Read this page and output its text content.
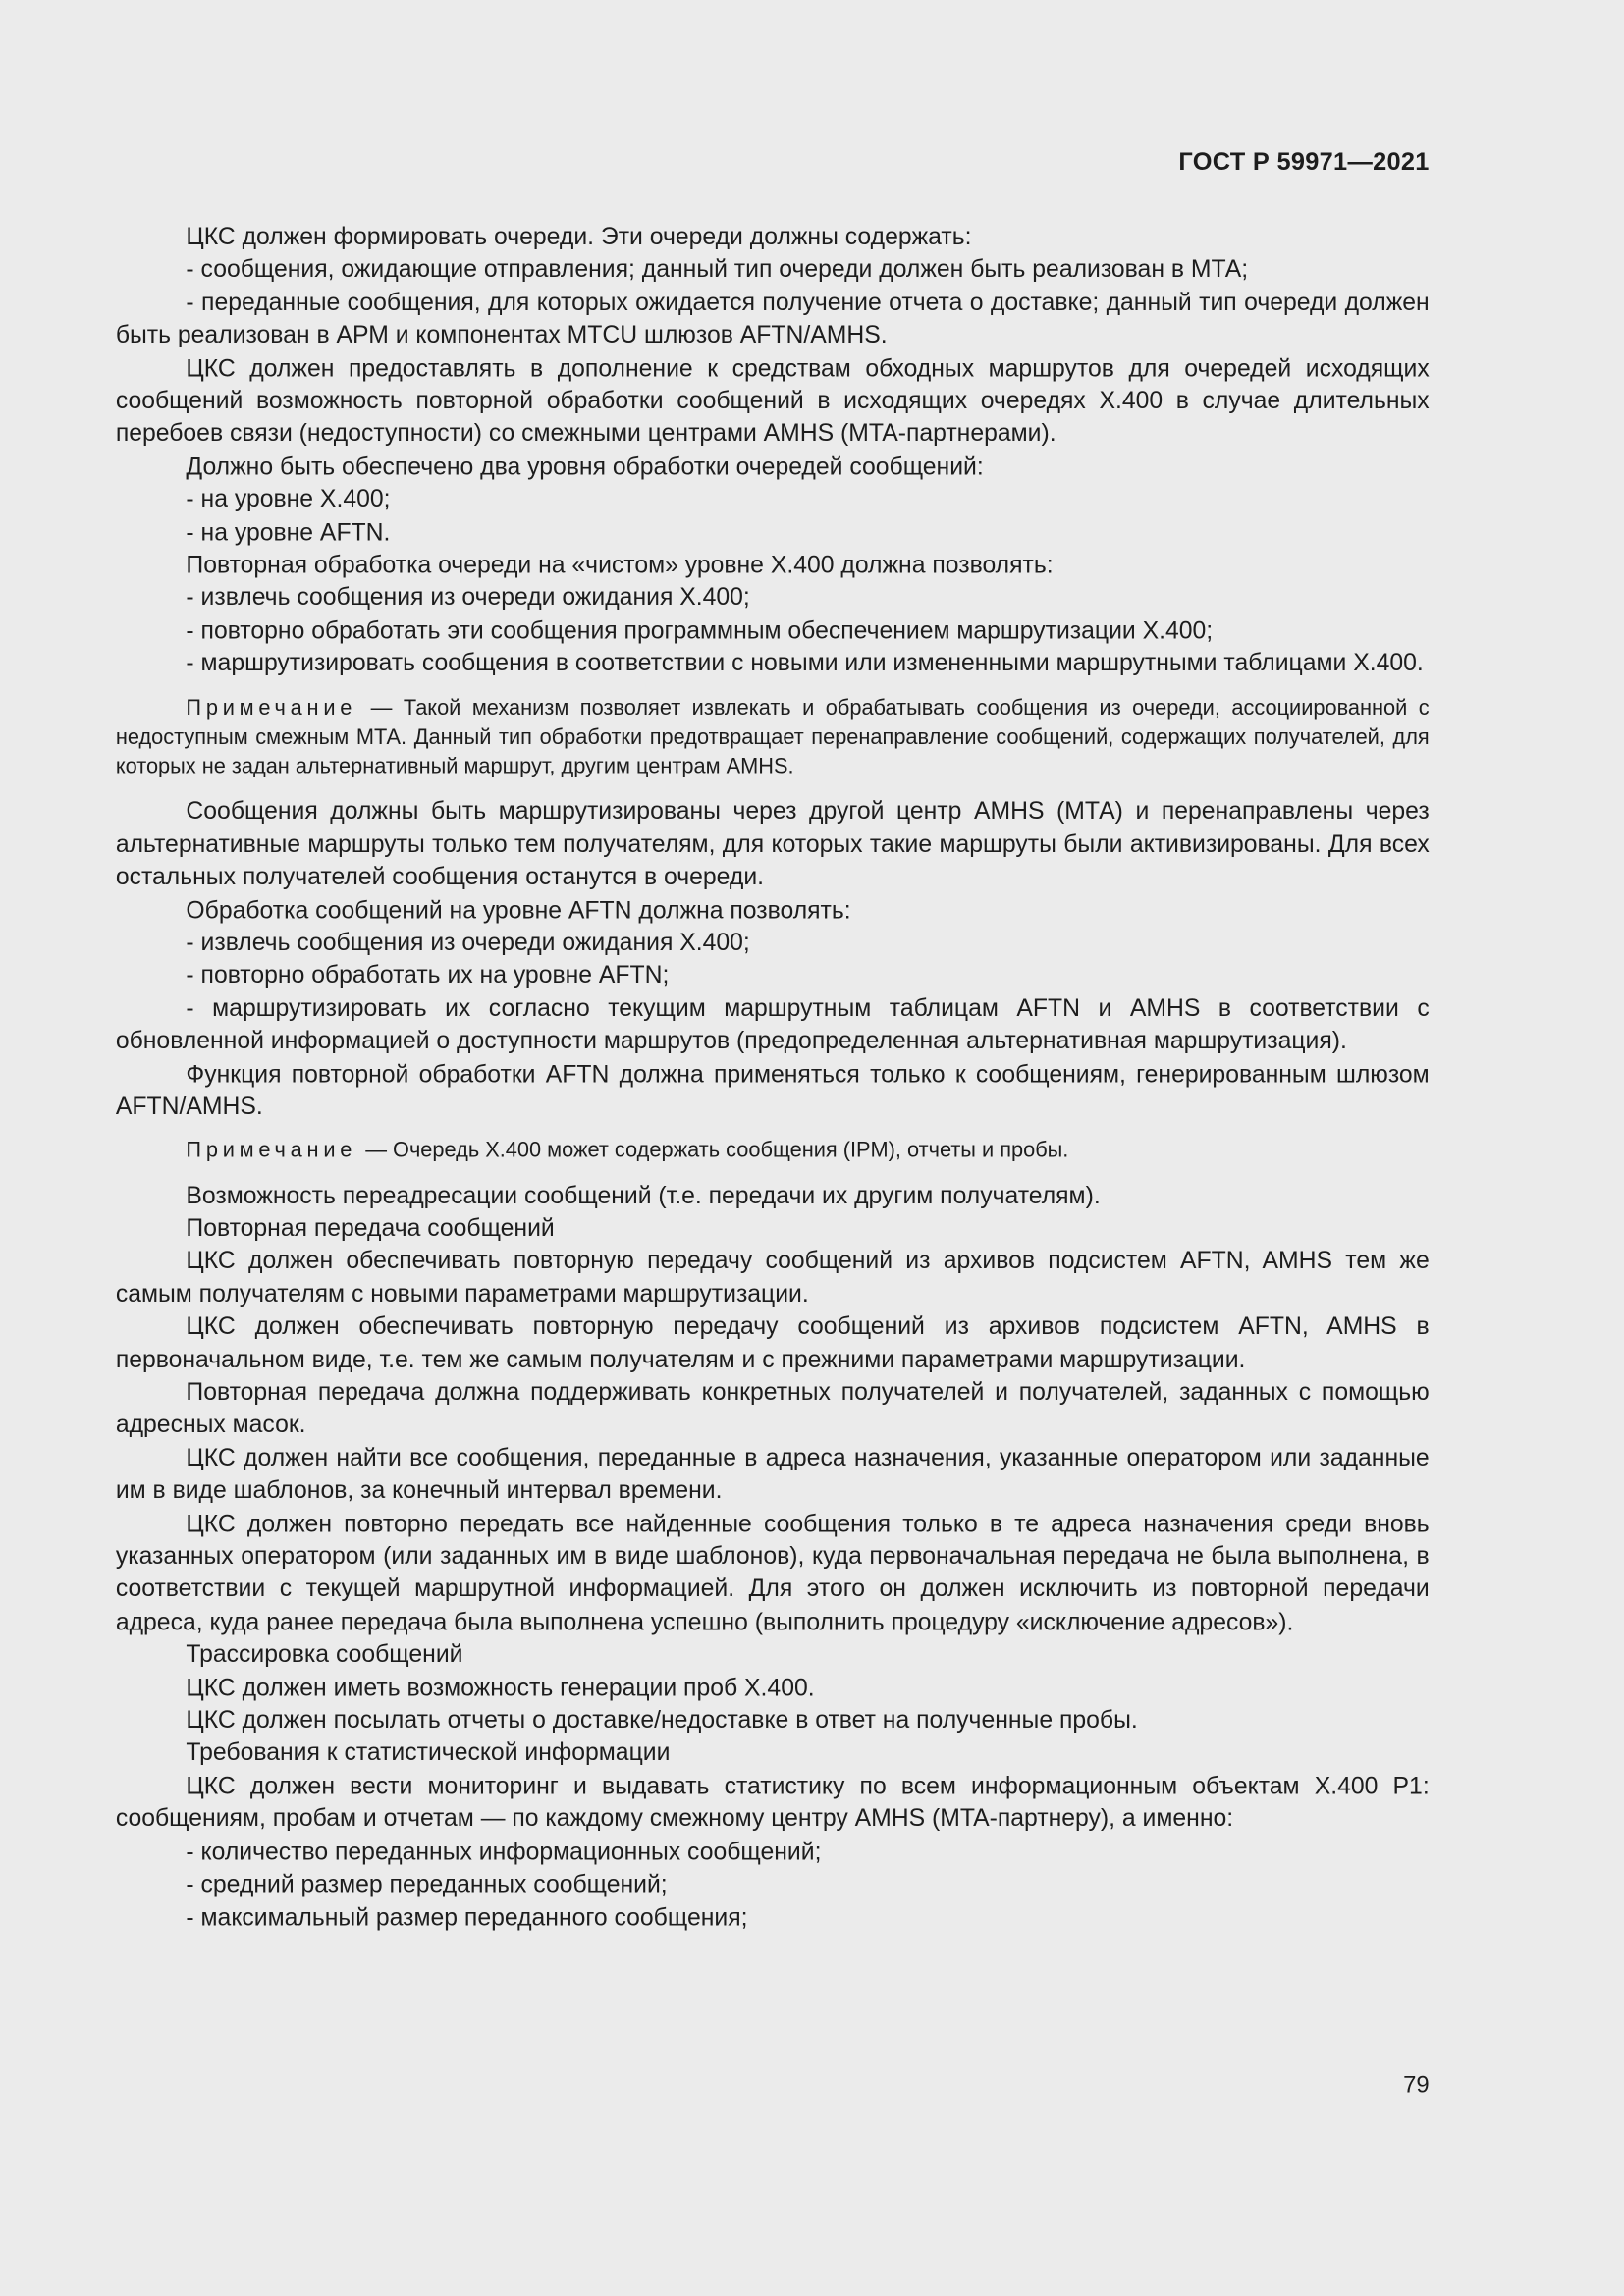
ГОСТ Р 59971—2021

ЦКС должен формировать очереди. Эти очереди должны содержать:

- сообщения, ожидающие отправления; данный тип очереди должен быть реализован в МТА;

- переданные сообщения, для которых ожидается получение отчета о доставке; данный тип очереди должен быть реализован в АРМ и компонентах MTCU шлюзов AFTN/AMHS.

ЦКС должен предоставлять в дополнение к средствам обходных маршрутов для очередей исходящих сообщений возможность повторной обработки сообщений в исходящих очередях X.400 в случае длительных перебоев связи (недоступности) со смежными центрами AMHS (MTA-партнерами).

Должно быть обеспечено два уровня обработки очередей сообщений:

- на уровне X.400;

- на уровне AFTN.

Повторная обработка очереди на «чистом» уровне X.400 должна позволять:

- извлечь сообщения из очереди ожидания X.400;

- повторно обработать эти сообщения программным обеспечением маршрутизации X.400;

- маршрутизировать сообщения в соответствии с новыми или измененными маршрутными таблицами X.400.

Примечание — Такой механизм позволяет извлекать и обрабатывать сообщения из очереди, ассоциированной с недоступным смежным МТА. Данный тип обработки предотвращает перенаправление сообщений, содержащих получателей, для которых не задан альтернативный маршрут, другим центрам AMHS.

Сообщения должны быть маршрутизированы через другой центр AMHS (МТА) и перенаправлены через альтернативные маршруты только тем получателям, для которых такие маршруты были активизированы. Для всех остальных получателей сообщения останутся в очереди.

Обработка сообщений на уровне AFTN должна позволять:

- извлечь сообщения из очереди ожидания X.400;

- повторно обработать их на уровне AFTN;

- маршрутизировать их согласно текущим маршрутным таблицам AFTN и AMHS в соответствии с обновленной информацией о доступности маршрутов (предопределенная альтернативная маршрутизация).

Функция повторной обработки AFTN должна применяться только к сообщениям, генерированным шлюзом AFTN/AMHS.

Примечание — Очередь X.400 может содержать сообщения (IPM), отчеты и пробы.

Возможность переадресации сообщений (т.е. передачи их другим получателям).

Повторная передача сообщений

ЦКС должен обеспечивать повторную передачу сообщений из архивов подсистем AFTN, AMHS тем же самым получателям с новыми параметрами маршрутизации.

ЦКС должен обеспечивать повторную передачу сообщений из архивов подсистем AFTN, AMHS в первоначальном виде, т.е. тем же самым получателям и с прежними параметрами маршрутизации.

Повторная передача должна поддерживать конкретных получателей и получателей, заданных с помощью адресных масок.

ЦКС должен найти все сообщения, переданные в адреса назначения, указанные оператором или заданные им в виде шаблонов, за конечный интервал времени.

ЦКС должен повторно передать все найденные сообщения только в те адреса назначения среди вновь указанных оператором (или заданных им в виде шаблонов), куда первоначальная передача не была выполнена, в соответствии с текущей маршрутной информацией. Для этого он должен исключить из повторной передачи адреса, куда ранее передача была выполнена успешно (выполнить процедуру «исключение адресов»).

Трассировка сообщений

ЦКС должен иметь возможность генерации проб X.400.

ЦКС должен посылать отчеты о доставке/недоставке в ответ на полученные пробы.

Требования к статистической информации

ЦКС должен вести мониторинг и выдавать статистику по всем информационным объектам X.400 P1: сообщениям, пробам и отчетам — по каждому смежному центру AMHS (MTA-партнеру), а именно:

- количество переданных информационных сообщений;

- средний размер переданных сообщений;

- максимальный размер переданного сообщения;

79
